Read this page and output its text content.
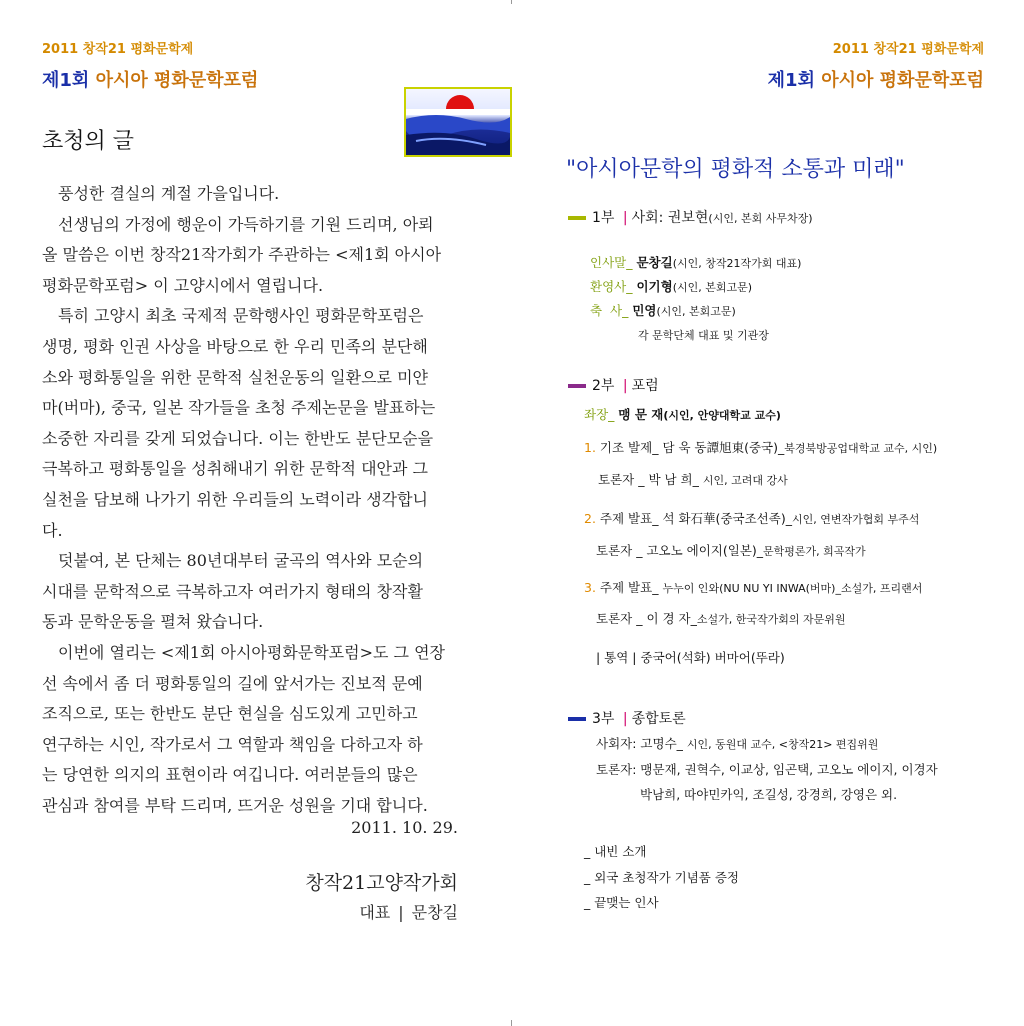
2011 창작21 평화문학제
제1회 아시아 평화문학포럼
초청의 글
풍성한 결실의 계절 가을입니다.
선생님의 가정에 행운이 가득하기를 기원 드리며, 아뢰
올 말씀은 이번 창작21작가회가 주관하는 <제1회 아시아
평화문학포럼> 이 고양시에서 열립니다.
특히 고양시 최초 국제적 문학행사인 평화문학포럼은
생명, 평화 인권 사상을 바탕으로 한 우리 민족의 분단해
소와 평화통일을 위한 문학적 실천운동의 일환으로 미얀
마(버마), 중국, 일본 작가들을 초청 주제논문을 발표하는
소중한 자리를 갖게 되었습니다. 이는 한반도 분단모순을
극복하고 평화통일을 성취해내기 위한 문학적 대안과 그
실천을 담보해 나가기 위한 우리들의 노력이라 생각합니
다.
덧붙여, 본 단체는 80년대부터 굴곡의 역사와 모순의
시대를 문학적으로 극복하고자 여러가지 형태의 창작활
동과 문학운동을 펼쳐 왔습니다.
이번에 열리는 <제1회 아시아평화문학포럼>도 그 연장
선 속에서 좀 더 평화통일의 길에 앞서가는 진보적 문예
조직으로, 또는 한반도 분단 현실을 심도있게 고민하고
연구하는 시인, 작가로서 그 역할과 책임을 다하고자 하
는 당연한 의지의 표현이라 여깁니다. 여러분들의 많은
관심과 참여를 부탁 드리며, 뜨거운 성원을 기대 합니다.
2011. 10. 29.
창작21고양작가회
대표 | 문창길
2011 창작21 평화문학제
제1회 아시아 평화문학포럼
"아시아문학의 평화적 소통과 미래"
1부 | 사회: 권보현(시인, 본회 사무차장)
인사말_ 문창길(시인, 창작21작가회 대표)
환영사_ 이기형(시인, 본회고문)
축  사_ 민영(시인, 본회고문)
각 문학단체 대표 및 기관장
2부 | 포럼
좌장_ 맹 문 재(시인, 안양대학교 교수)
1. 기조 발제_ 담 욱 동譚旭東(중국)_북경북방공업대학교 교수, 시인)
토론자 _ 박 남 희_ 시인, 고려대 강사
2. 주제 발표_ 석 화石華(중국조선족)_시인, 연변작가협회 부주석
토론자 _ 고오노 에이지(일본)_문학평론가, 희곡작가
3. 주제 발표_ 누누이 인와(NU NU YI INWA(버마)_소설가, 프리랜서
토론자 _ 이 경 자_소설가, 한국작가회의 자문위원
| 통역 | 중국어(석화) 버마어(뚜라)
3부 | 종합토론
사회자: 고명수_ 시인, 동원대 교수, <창작21> 편집위원
토론자: 맹문재, 권혁수, 이교상, 임곤택, 고오노 에이지, 이경자
박남희, 따야민카익, 조길성, 강경희, 강영은 외.
_ 내빈 소개
_ 외국 초청작가 기념품 증정
_ 끝맺는 인사
